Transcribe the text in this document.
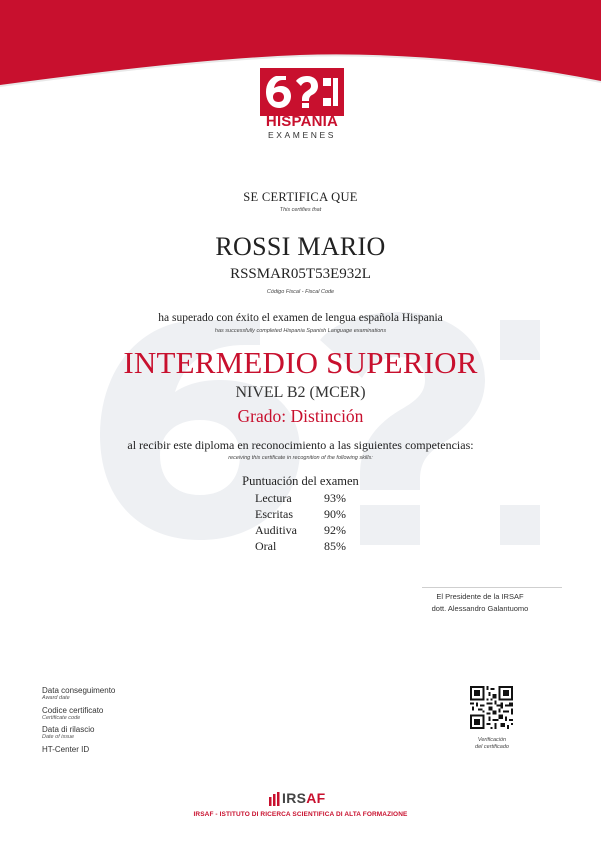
HISPANIA
EXAMENES
SE CERTIFICA QUE
This certifies that
ROSSI MARIO
RSSMAR05T53E932L
Código Fiscal - Fiscal Code
ha superado con éxito el examen de lengua española Hispania
has successfully completed Hispania Spanish Language examinations
INTERMEDIO SUPERIOR
NIVEL B2 (MCER)
Grado: Distinción
al recibir este diploma en reconocimiento a las siguientes competencias:
receiving this certificate in recognition of the following skills:
Puntuación del examen
Lectura	93%
Escritas	90%
Auditiva 92%
Oral	85%
El Presidente de la IRSAF
dott. Alessandro Galantuomo
Data conseguimento
Award date
Codice certificato
Certificate code
Data di rilascio
Date of issue
HT-Center ID
Verificación
del certificado
IRSAF
IRSAF - ISTITUTO DI RICERCA SCIENTIFICA DI ALTA FORMAZIONE
